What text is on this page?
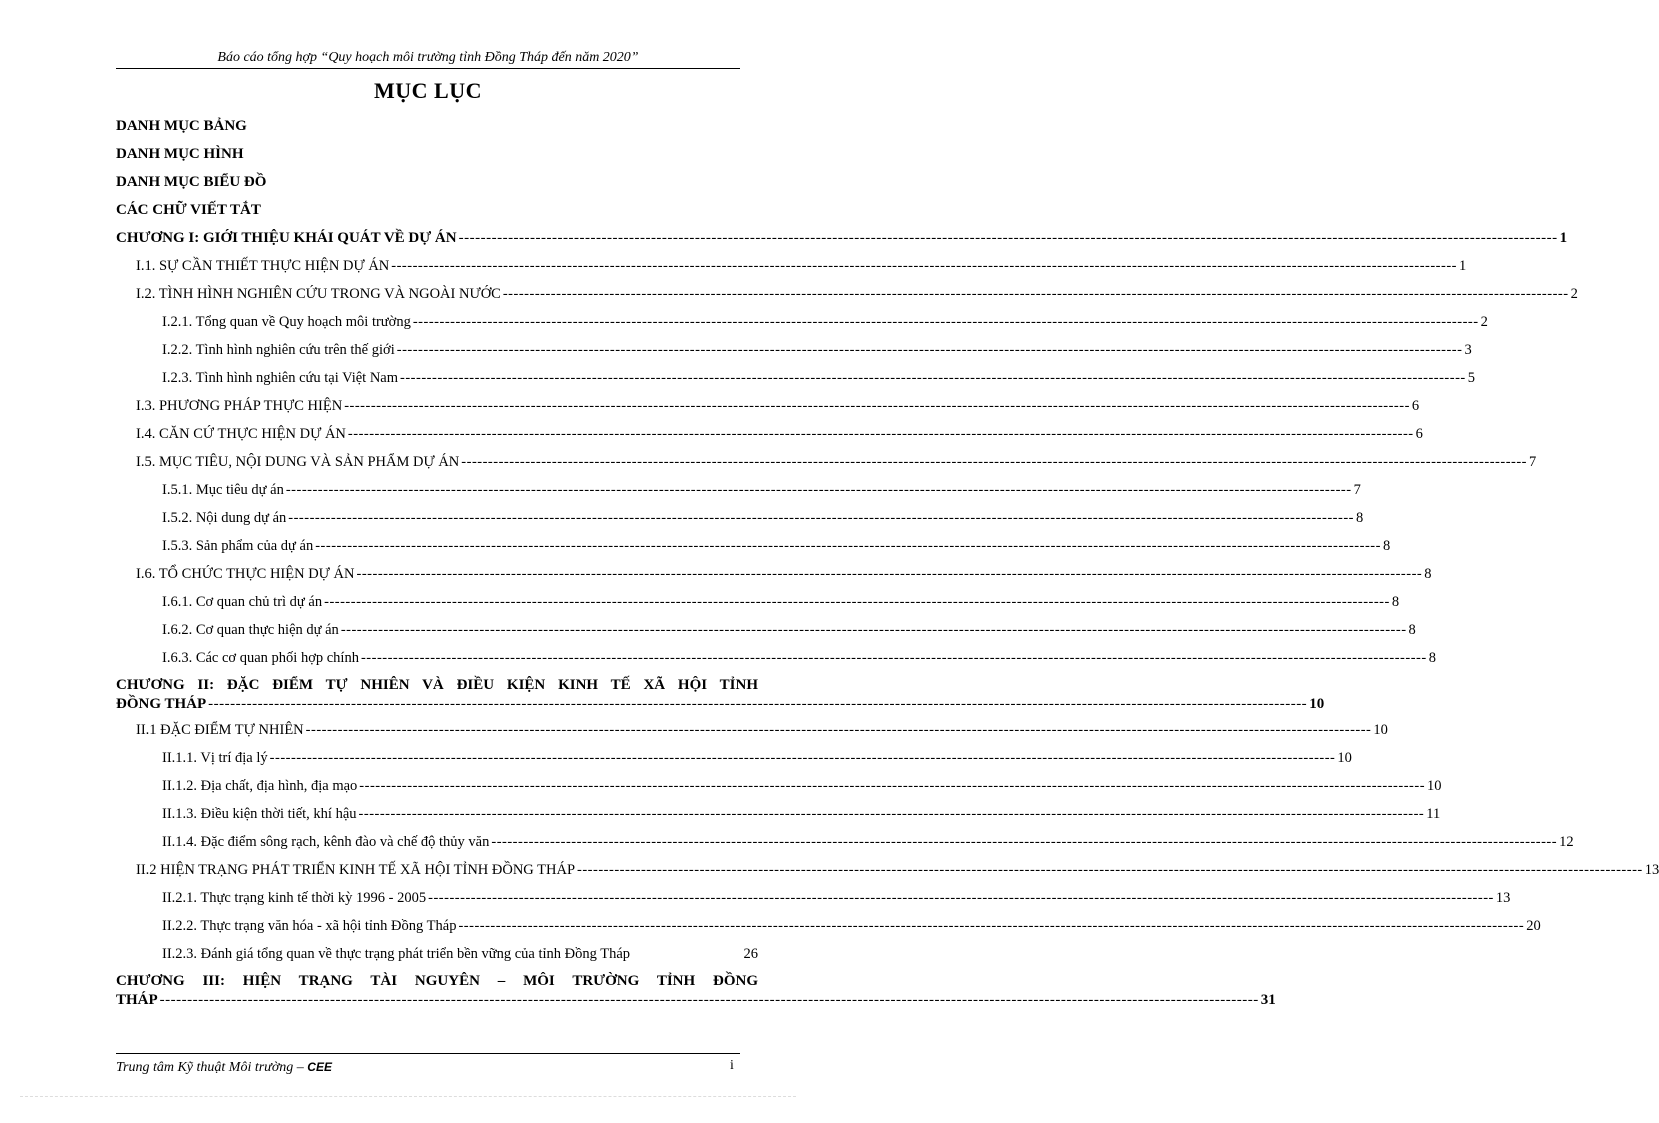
Báo cáo tổng hợp “Quy hoạch môi trường tỉnh Đồng Tháp đến năm 2020”
MỤC LỤC
DANH MỤC BẢNG
DANH MỤC HÌNH
DANH MỤC BIỂU ĐỒ
CÁC CHỮ VIẾT TẮT
CHƯƠNG I: GIỚI THIỆU KHÁI QUÁT VỀ DỰ ÁN -------------------------------------------------------------------------------------------------------------------------------------------------------------------------------------------------------- 1
I.1. SỰ CẦN THIẾT THỰC HIỆN DỰ ÁN -------------------------------------------------------------------------------------------------------------------------------------------------------------------------------------------------------- 1
I.2. TÌNH HÌNH NGHIÊN CỨU TRONG VÀ NGOÀI NƯỚC -------------------------------------------------------------------------------------------------------------------------------------------------------------------------------------------------------- 2
I.2.1. Tổng quan về Quy hoạch môi trường -------------------------------------------------------------------------------------------------------------------------------------------------------------------------------------------------------- 2
I.2.2. Tình hình nghiên cứu trên thế giới -------------------------------------------------------------------------------------------------------------------------------------------------------------------------------------------------------- 3
I.2.3. Tình hình nghiên cứu tại Việt Nam -------------------------------------------------------------------------------------------------------------------------------------------------------------------------------------------------------- 5
I.3. PHƯƠNG PHÁP THỰC HIỆN -------------------------------------------------------------------------------------------------------------------------------------------------------------------------------------------------------- 6
I.4. CĂN CỨ THỰC HIỆN DỰ ÁN -------------------------------------------------------------------------------------------------------------------------------------------------------------------------------------------------------- 6
I.5. MỤC TIÊU, NỘI DUNG VÀ SẢN PHẨM DỰ ÁN -------------------------------------------------------------------------------------------------------------------------------------------------------------------------------------------------------- 7
I.5.1. Mục tiêu dự án -------------------------------------------------------------------------------------------------------------------------------------------------------------------------------------------------------- 7
I.5.2. Nội dung dự án -------------------------------------------------------------------------------------------------------------------------------------------------------------------------------------------------------- 8
I.5.3. Sản phẩm của dự án -------------------------------------------------------------------------------------------------------------------------------------------------------------------------------------------------------- 8
I.6. TỔ CHỨC THỰC HIỆN DỰ ÁN -------------------------------------------------------------------------------------------------------------------------------------------------------------------------------------------------------- 8
I.6.1. Cơ quan chủ trì dự án -------------------------------------------------------------------------------------------------------------------------------------------------------------------------------------------------------- 8
I.6.2. Cơ quan thực hiện dự án -------------------------------------------------------------------------------------------------------------------------------------------------------------------------------------------------------- 8
I.6.3. Các cơ quan phối hợp chính -------------------------------------------------------------------------------------------------------------------------------------------------------------------------------------------------------- 8
CHƯƠNG II: ĐẶC ĐIỂM TỰ NHIÊN VÀ ĐIỀU KIỆN KINH TẾ XÃ HỘI TỈNH
ĐỒNG THÁP -------------------------------------------------------------------------------------------------------------------------------------------------------------------------------------------------------- 10
II.1 ĐẶC ĐIỂM TỰ NHIÊN -------------------------------------------------------------------------------------------------------------------------------------------------------------------------------------------------------- 10
II.1.1. Vị trí địa lý -------------------------------------------------------------------------------------------------------------------------------------------------------------------------------------------------------- 10
II.1.2. Địa chất, địa hình, địa mạo -------------------------------------------------------------------------------------------------------------------------------------------------------------------------------------------------------- 10
II.1.3. Điều kiện thời tiết, khí hậu -------------------------------------------------------------------------------------------------------------------------------------------------------------------------------------------------------- 11
II.1.4. Đặc điểm sông rạch, kênh đào và chế độ thủy văn -------------------------------------------------------------------------------------------------------------------------------------------------------------------------------------------------------- 12
II.2 HIỆN TRẠNG PHÁT TRIỂN KINH TẾ XÃ HỘI TỈNH ĐỒNG THÁP -------------------------------------------------------------------------------------------------------------------------------------------------------------------------------------------------------- 13
II.2.1. Thực trạng kinh tế thời kỳ 1996 - 2005 -------------------------------------------------------------------------------------------------------------------------------------------------------------------------------------------------------- 13
II.2.2. Thực trạng văn hóa - xã hội tỉnh Đồng Tháp -------------------------------------------------------------------------------------------------------------------------------------------------------------------------------------------------------- 20
II.2.3. Đánh giá tổng quan về thực trạng phát triển bền vững của tỉnh Đồng Tháp	26
CHƯƠNG III: HIỆN TRẠNG TÀI NGUYÊN – MÔI TRƯỜNG TỈNH ĐỒNG
THÁP -------------------------------------------------------------------------------------------------------------------------------------------------------------------------------------------------------- 31
Trung tâm Kỹ thuật Môi trường – CEE	i
